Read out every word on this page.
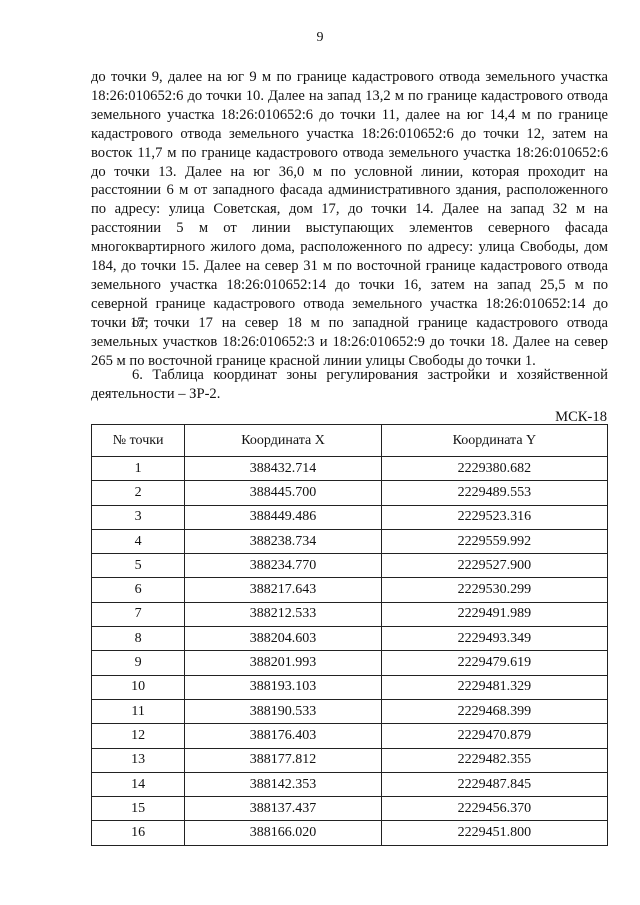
9
до точки 9, далее на юг 9 м по границе кадастрового отвода земельного участка 18:26:010652:6 до точки 10. Далее на запад 13,2 м по границе кадастрового отвода земельного участка 18:26:010652:6 до точки 11, далее на юг 14,4 м по границе кадастрового отвода земельного участка 18:26:010652:6 до точки 12, затем на восток 11,7 м по границе кадастрового отвода земельного участка 18:26:010652:6 до точки 13. Далее на юг 36,0 м по условной линии, которая проходит на расстоянии 6 м от западного фасада административного здания, расположенного по адресу: улица Советская, дом 17, до точки 14. Далее на запад 32 м на расстоянии 5 м от линии выступающих элементов северного фасада многоквартирного жилого дома, расположенного по адресу: улица Свободы, дом 184, до точки 15. Далее на север 31 м по восточной границе кадастрового отвода земельного участка 18:26:010652:14 до точки 16, затем на запад 25,5 м по северной границе кадастрового отвода земельного участка 18:26:010652:14 до точки 17;
от точки 17 на север 18 м по западной границе кадастрового отвода земельных участков 18:26:010652:3 и 18:26:010652:9 до точки 18. Далее на север 265 м по восточной границе красной линии улицы Свободы до точки 1.
6. Таблица координат зоны регулирования застройки и хозяйственной деятельности – ЗР-2.
МСК-18
№ точки	Координата X	Координата Y
1	388432.714	2229380.682
2	388445.700	2229489.553
3	388449.486	2229523.316
4	388238.734	2229559.992
5	388234.770	2229527.900
6	388217.643	2229530.299
7	388212.533	2229491.989
8	388204.603	2229493.349
9	388201.993	2229479.619
10	388193.103	2229481.329
11	388190.533	2229468.399
12	388176.403	2229470.879
13	388177.812	2229482.355
14	388142.353	2229487.845
15	388137.437	2229456.370
16	388166.020	2229451.800
